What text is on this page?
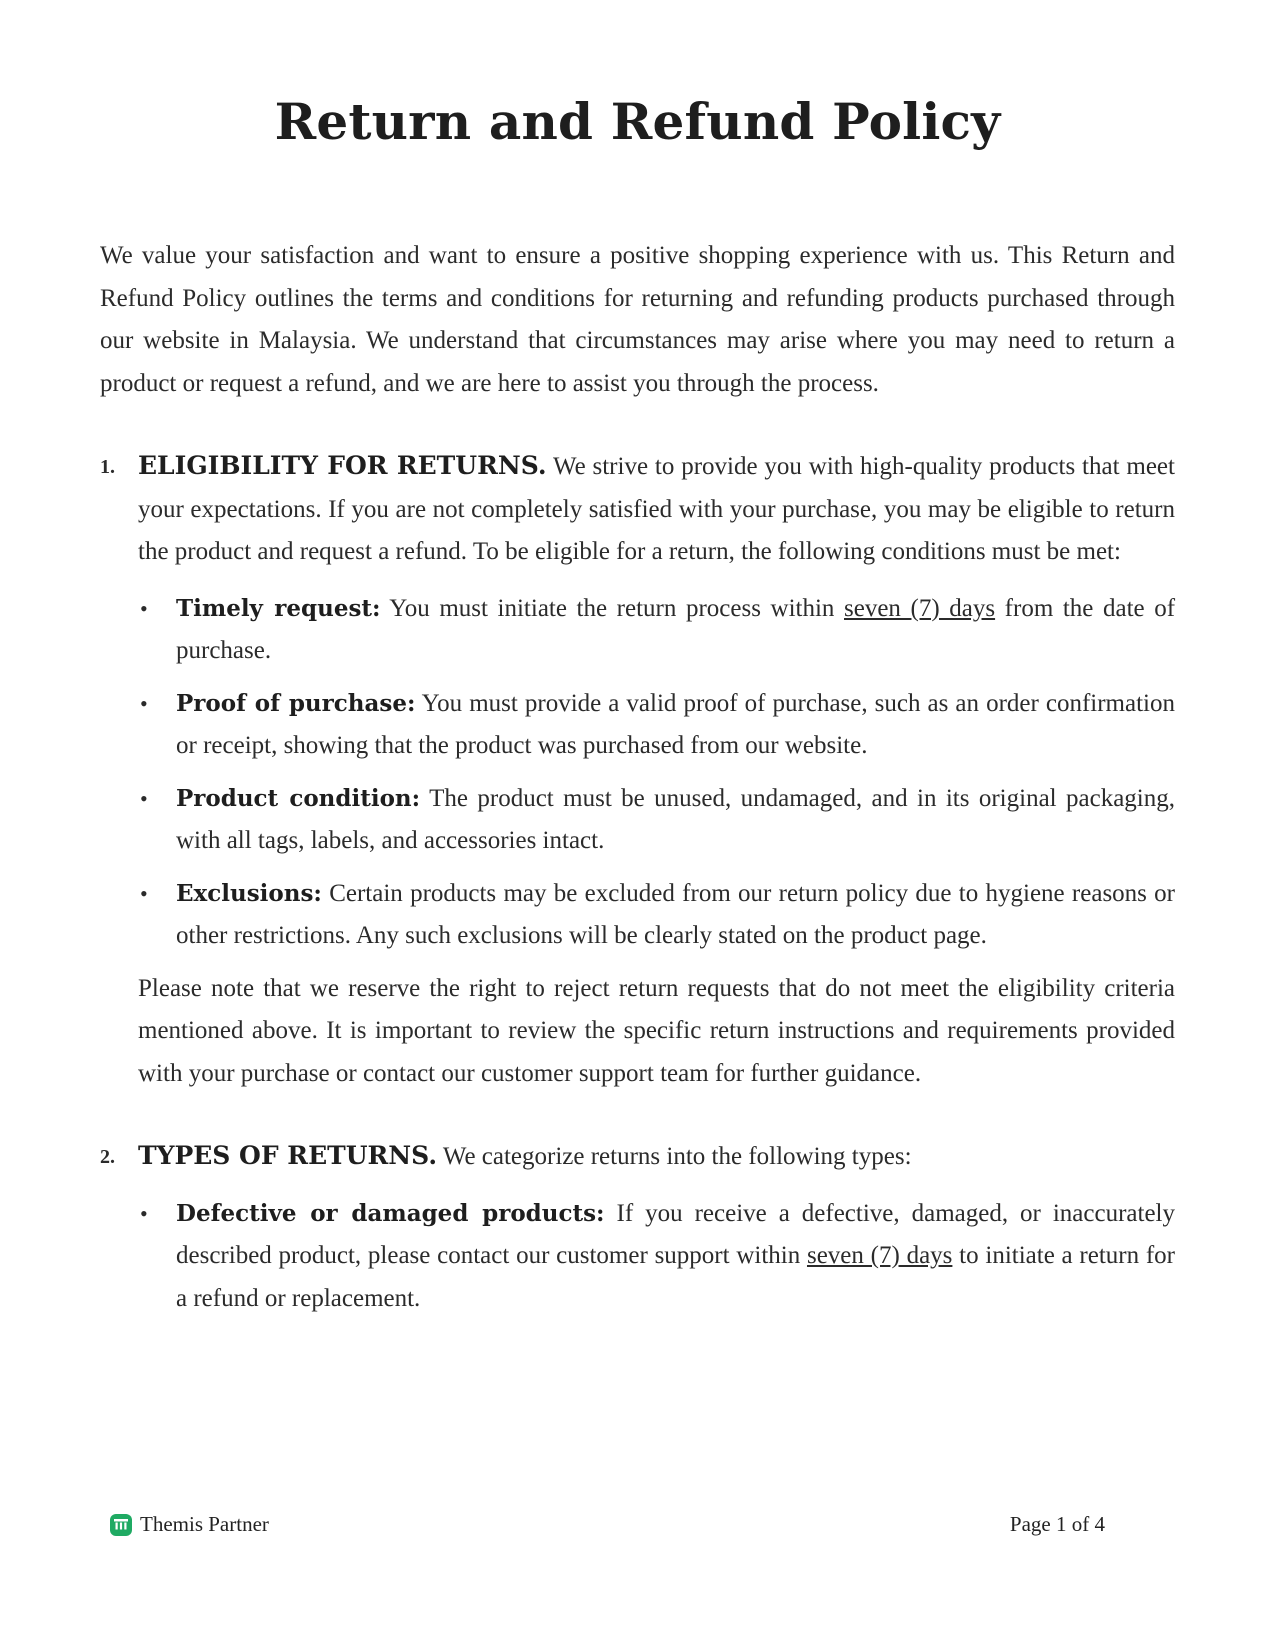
Return and Refund Policy

We value your satisfaction and want to ensure a positive shopping experience with us. This Return and Refund Policy outlines the terms and conditions for returning and refunding products purchased through our website in Malaysia. We understand that circumstances may arise where you may need to return a product or request a refund, and we are here to assist you through the process.

1. ELIGIBILITY FOR RETURNS. We strive to provide you with high-quality products that meet your expectations. If you are not completely satisfied with your purchase, you may be eligible to return the product and request a refund. To be eligible for a return, the following conditions must be met:

• Timely request: You must initiate the return process within seven (7) days from the date of purchase.
• Proof of purchase: You must provide a valid proof of purchase, such as an order confirmation or receipt, showing that the product was purchased from our website.
• Product condition: The product must be unused, undamaged, and in its original packaging, with all tags, labels, and accessories intact.
• Exclusions: Certain products may be excluded from our return policy due to hygiene reasons or other restrictions. Any such exclusions will be clearly stated on the product page.

Please note that we reserve the right to reject return requests that do not meet the eligibility criteria mentioned above. It is important to review the specific return instructions and requirements provided with your purchase or contact our customer support team for further guidance.

2. TYPES OF RETURNS. We categorize returns into the following types:

• Defective or damaged products: If you receive a defective, damaged, or inaccurately described product, please contact our customer support within seven (7) days to initiate a return for a refund or replacement.
Themis Partner	Page 1 of 4
